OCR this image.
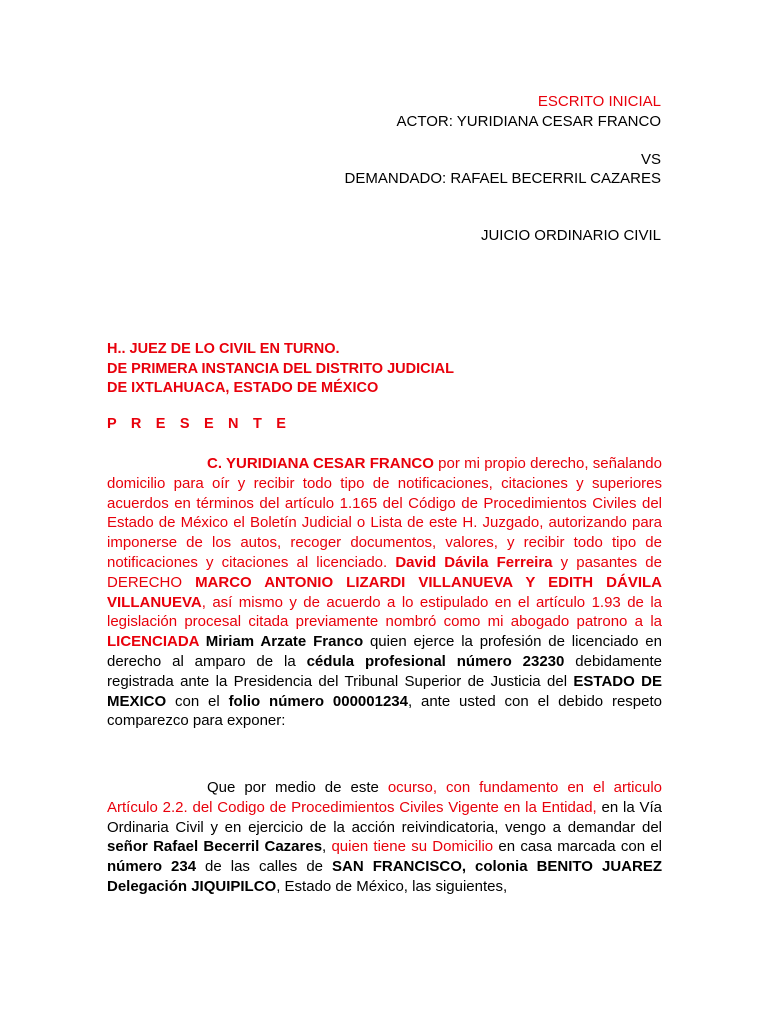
ESCRITO INICIAL
ACTOR: YURIDIANA CESAR FRANCO
VS
DEMANDADO: RAFAEL BECERRIL CAZARES
JUICIO ORDINARIO CIVIL
H.. JUEZ DE LO CIVIL EN TURNO.
DE PRIMERA INSTANCIA DEL DISTRITO JUDICIAL
DE IXTLAHUACA, ESTADO DE MÉXICO
P R E S E N T E

C. YURIDIANA CESAR FRANCO por mi propio derecho, señalando domicilio para oír y recibir todo tipo de notificaciones, citaciones y superiores acuerdos en términos del artículo 1.165 del Código de Procedimientos Civiles del Estado de México el Boletín Judicial o Lista de este H. Juzgado, autorizando para imponerse de los autos, recoger documentos, valores, y recibir todo tipo de notificaciones y citaciones al licenciado. David Dávila Ferreira y pasantes de DERECHO MARCO ANTONIO LIZARDI VILLANUEVA Y EDITH DÁVILA VILLANUEVA, así mismo y de acuerdo a lo estipulado en el artículo 1.93 de la legislación procesal citada previamente nombró como mi abogado patrono a la LICENCIADA Miriam Arzate Franco quien ejerce la profesión de licenciado en derecho al amparo de la cédula profesional número 23230 debidamente registrada ante la Presidencia del Tribunal Superior de Justicia del ESTADO DE MEXICO con el folio número 000001234, ante usted con el debido respeto comparezco para exponer:

Que por medio de este ocurso, con fundamento en el articulo Artículo 2.2. del Codigo de Procedimientos Civiles Vigente en la Entidad, en la Vía Ordinaria Civil y en ejercicio de la acción reivindicatoria, vengo a demandar del señor Rafael Becerril Cazares, quien tiene su Domicilio en casa marcada con el número 234 de las calles de SAN FRANCISCO, colonia BENITO JUAREZ Delegación JIQUIPILCO, Estado de México, las siguientes,
